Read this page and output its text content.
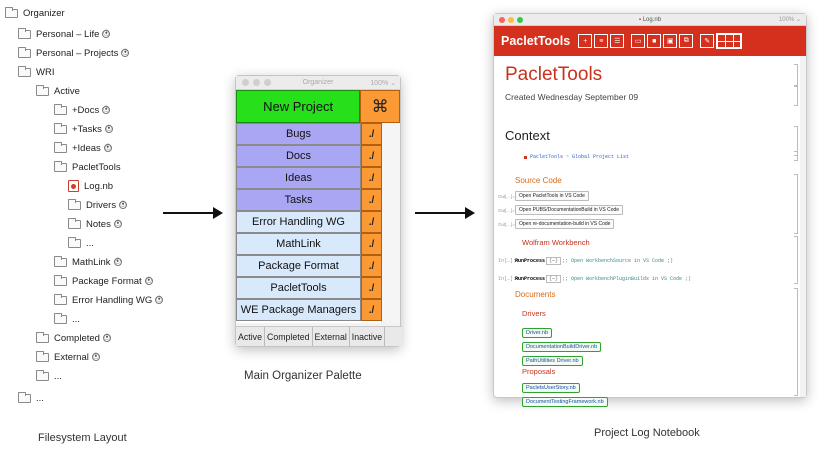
Organizer
Personal – Life ⦿
Personal – Projects ⦿
WRI
Active
+Docs ⦿
+Tasks ⦿
+Ideas ⦿
PacletTools
Log.nb
Drivers ⦿
Notes ⦿
...
MathLink ⦿
Package Format ⦿
Error Handling WG ⦿
...
Completed ⦿
External ⦿
...
...
Filesystem Layout
Organizer	100% ⌄
New Project	⌘
Bugs	./
Docs	./
Ideas	./
Tasks	./
Error Handling WG	./
MathLink	./
Package Format	./
PacletTools	./
WE Package Managers	./
Active Completed External Inactive
Main Organizer Palette
▪ Log.nb	100% ⌄
PacletTools	+	≡	☰	▭	■	▣	⧉	✎
PacletTools
Created Wednesday September 09
Context
PacletTools ~ Global Project List
Source Code
Wolfram Workbench
Documents
Drivers
Proposals
Out[…]= Open PacletTools in VS Code
Out[…]= Open PUBS/DocumentationBuild in VS Code
Out[…]= Open re-documentation-build in VS Code
In[…]:=
RunProcess {⋯} ;; Open WorkbenchSource in VS Code ;)
In[…]:=
RunProcess {⋯} ;; Open WorkbenchPluginBuilds in VS Code ;)
Driver.nb
DocumentationBuildDriver.nb
PathUtilities Driver.nb
PacletsUserStory.nb
DocumentTestingFramework.nb
Project Log Notebook
